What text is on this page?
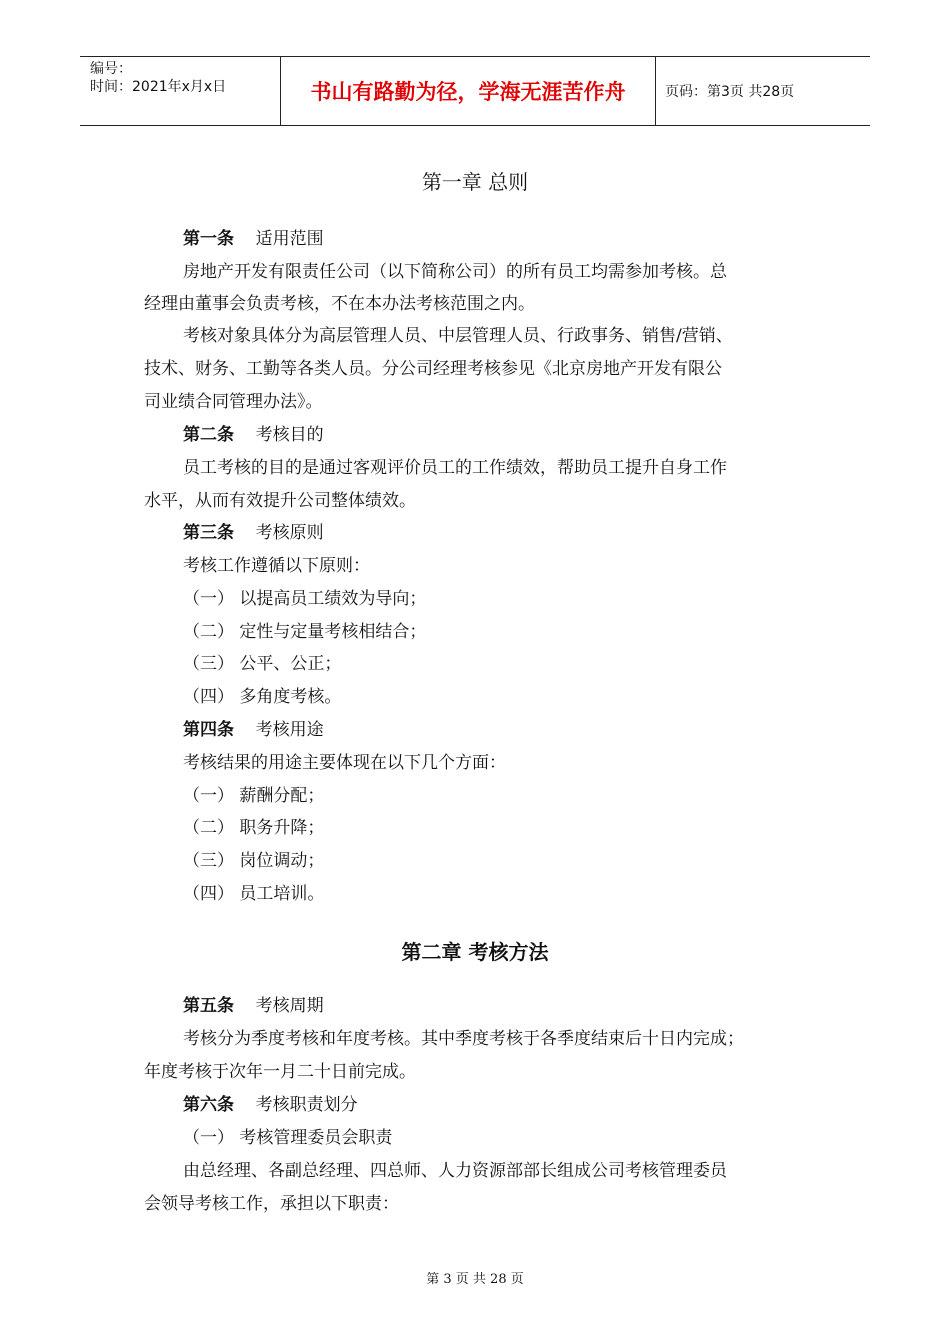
编号：
时间：2021年x月x日	书山有路勤为径，学海无涯苦作舟	页码：第3页 共28页
第一章 总则
第一条 适用范围
房地产开发有限责任公司（以下简称公司）的所有员工均需参加考核。总
经理由董事会负责考核，不在本办法考核范围之内。
考核对象具体分为高层管理人员、中层管理人员、行政事务、销售/营销、
技术、财务、工勤等各类人员。分公司经理考核参见《北京房地产开发有限公
司业绩合同管理办法》。
第二条 考核目的
员工考核的目的是通过客观评价员工的工作绩效，帮助员工提升自身工作
水平，从而有效提升公司整体绩效。
第三条 考核原则
考核工作遵循以下原则：
（一） 以提高员工绩效为导向；
（二） 定性与定量考核相结合；
（三） 公平、公正；
（四） 多角度考核。
第四条 考核用途
考核结果的用途主要体现在以下几个方面：
（一） 薪酬分配；
（二） 职务升降；
（三） 岗位调动；
（四） 员工培训。
第二章 考核方法
第五条 考核周期
考核分为季度考核和年度考核。其中季度考核于各季度结束后十日内完成；
年度考核于次年一月二十日前完成。
第六条 考核职责划分
（一） 考核管理委员会职责
由总经理、各副总经理、四总师、人力资源部部长组成公司考核管理委员
会领导考核工作，承担以下职责：
第 3 页 共 28 页
